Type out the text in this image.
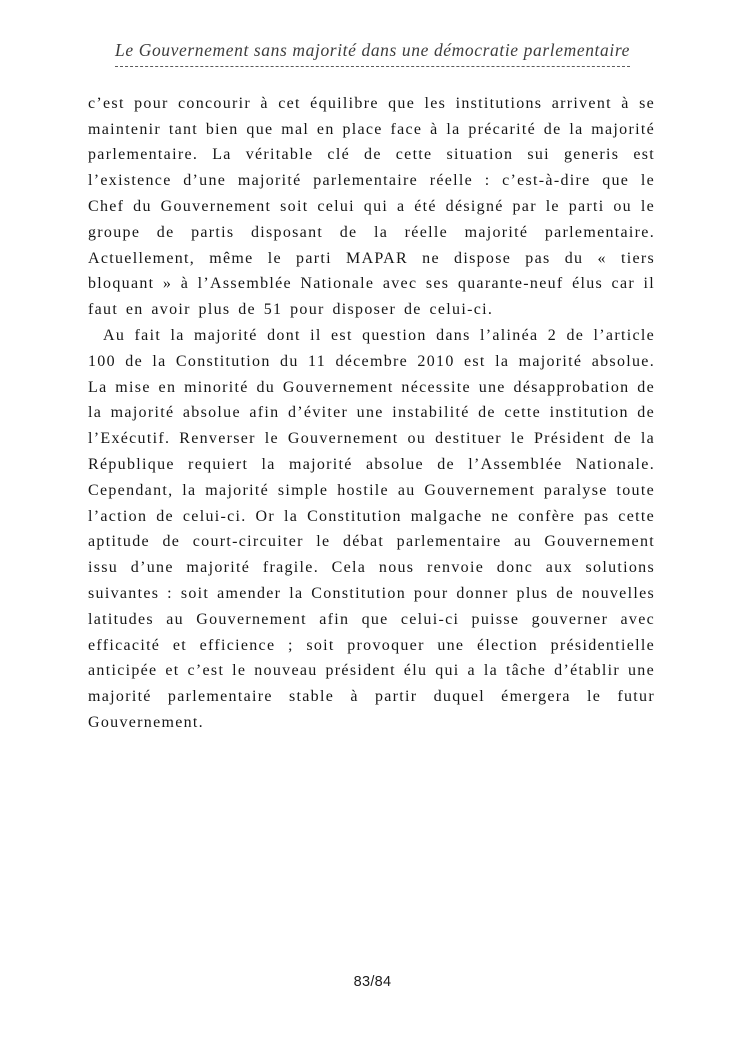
Le Gouvernement sans majorité dans une démocratie parlementaire

c’est pour concourir à cet équilibre que les institutions arrivent à se maintenir tant bien que mal en place face à la précarité de la majorité parlementaire. La véritable clé de cette situation sui generis est l’existence d’une majorité parlementaire réelle : c’est-à-dire que le Chef du Gouvernement soit celui qui a été désigné par le parti ou le groupe de partis disposant de la réelle majorité parlementaire. Actuellement, même le parti MAPAR ne dispose pas du « tiers bloquant » à l’Assemblée Nationale avec ses quarante-neuf élus car il faut en avoir plus de 51 pour disposer de celui-ci.

Au fait la majorité dont il est question dans l’alinéa 2 de l’article 100 de la Constitution du 11 décembre 2010 est la majorité absolue. La mise en minorité du Gouvernement nécessite une désapprobation de la majorité absolue afin d’éviter une instabilité de cette institution de l’Exécutif. Renverser le Gouvernement ou destituer le Président de la République requiert la majorité absolue de l’Assemblée Nationale. Cependant, la majorité simple hostile au Gouvernement paralyse toute l’action de celui-ci. Or la Constitution malgache ne confère pas cette aptitude de court-circuiter le débat parlementaire au Gouvernement issu d’une majorité fragile. Cela nous renvoie donc aux solutions suivantes : soit amender la Constitution pour donner plus de nouvelles latitudes au Gouvernement afin que celui-ci puisse gouverner avec efficacité et efficience ; soit provoquer une élection présidentielle anticipée et c’est le nouveau président élu qui a la tâche d’établir une majorité parlementaire stable à partir duquel émergera le futur Gouvernement.

83/84
